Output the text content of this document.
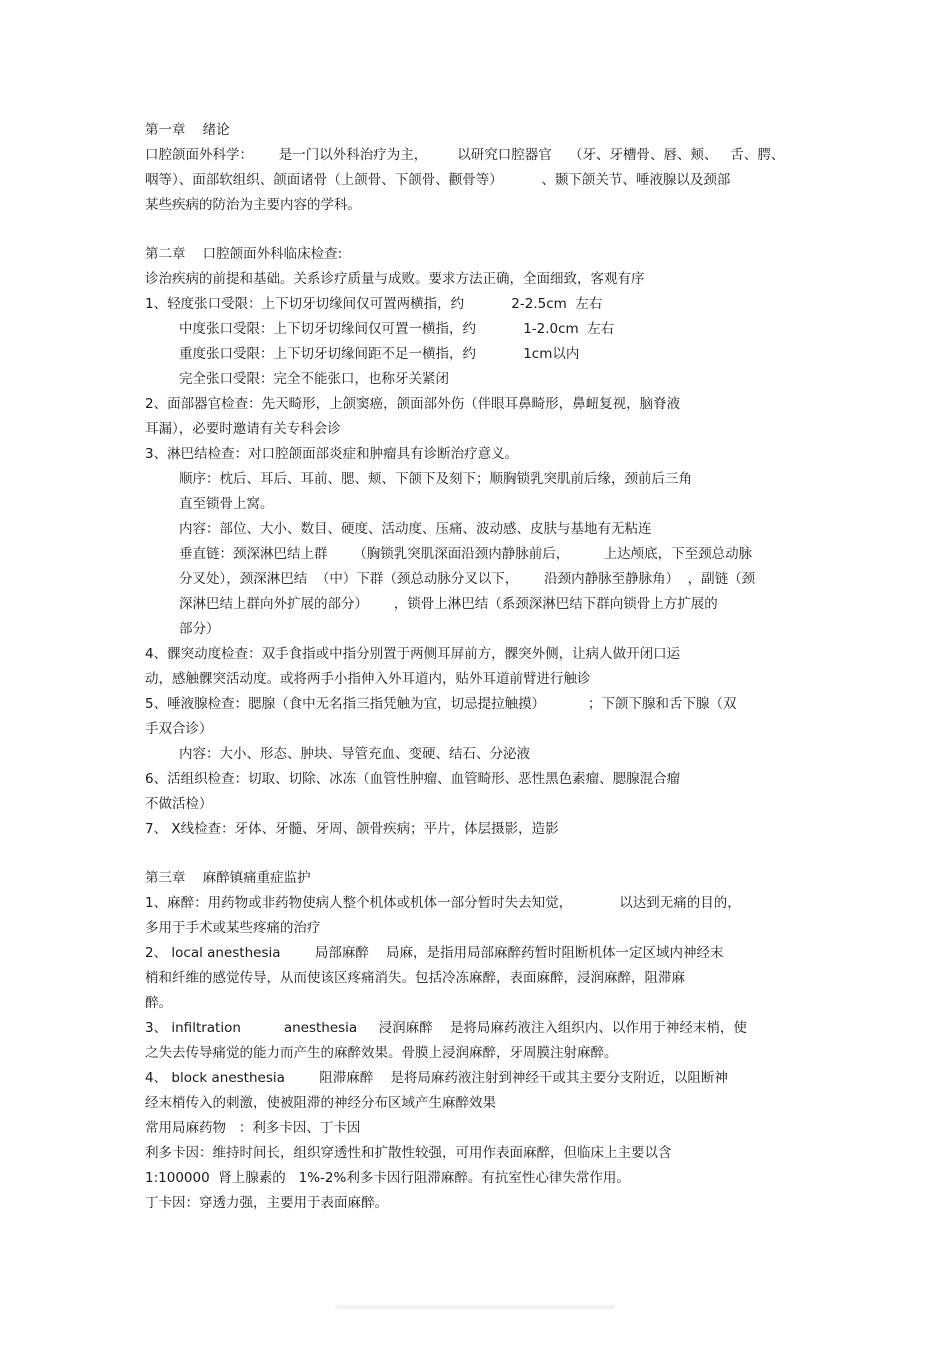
第一章    绪论
口腔颌面外科学：      是一门以外科治疗为主，       以研究口腔器官    （牙、牙槽骨、唇、颊、   舌、腭、
咽等）、面部软组织、颌面诸骨（上颌骨、下颌骨、颧骨等）         、颞下颌关节、唾液腺以及颈部
某些疾病的防治为主要内容的学科。
第二章    口腔颌面外科临床检查:
诊治疾病的前提和基础。关系诊疗质量与成败。要求方法正确，全面细致，客观有序
1、轻度张口受限：上下切牙切缘间仅可置两横指，约           2-2.5cm  左右
中度张口受限：上下切牙切缘间仅可置一横指，约           1-2.0cm  左右
重度张口受限：上下切牙切缘间距不足一横指，约           1cm以内
完全张口受限：完全不能张口，也称牙关紧闭
2、面部器官检查：先天畸形，上颌窦癌，颌面部外伤（伴眼耳鼻畸形，鼻衄复视，脑脊液
耳漏），必要时邀请有关专科会诊
3、淋巴结检查：对口腔颌面部炎症和肿瘤具有诊断治疗意义。
顺序：枕后、耳后、耳前、腮、颊、下颌下及刻下；顺胸锁乳突肌前后缘，颈前后三角
直至锁骨上窝。
内容：部位、大小、数目、硬度、活动度、压痛、波动感、皮肤与基地有无粘连
垂直链：颈深淋巴结上群      （胸锁乳突肌深面沿颈内静脉前后，        上达颅底，下至颈总动脉
分叉处），颈深淋巴结  （中）下群（颈总动脉分叉以下，      沿颈内静脉至静脉角）  ，副链（颈
深淋巴结上群向外扩展的部分）      ，锁骨上淋巴结（系颈深淋巴结下群向锁骨上方扩展的
部分）
4、髁突动度检查：双手食指或中指分别置于两侧耳屏前方，髁突外侧，让病人做开闭口运
动，感触髁突活动度。或将两手小指伸入外耳道内，贴外耳道前臂进行触诊
5、唾液腺检查：腮腺（食中无名指三指凭触为宜，切忌提拉触摸）          ；下颌下腺和舌下腺（双
手双合诊）
内容：大小、形态、肿块、导管充血、变硬、结石、分泌液
6、活组织检查：切取、切除、冰冻（血管性肿瘤、血管畸形、恶性黑色素瘤、腮腺混合瘤
不做活检）
7、 X线检查：牙体、牙髓、牙周、颌骨疾病；平片，体层摄影，造影
第三章    麻醉镇痛重症监护
1、麻醉：用药物或非药物使病人整个机体或机体一部分暂时失去知觉，           以达到无痛的目的，
多用于手术或某些疼痛的治疗
2、 local anesthesia        局部麻醉    局麻，是指用局部麻醉药暂时阻断机体一定区域内神经末
梢和纤维的感觉传导，从而使该区疼痛消失。包括冷冻麻醉，表面麻醉，浸润麻醉，阻滞麻
醉。
3、 infiltration          anesthesia     浸润麻醉    是将局麻药液注入组织内、以作用于神经末梢，使
之失去传导痛觉的能力而产生的麻醉效果。骨膜上浸润麻醉，牙周膜注射麻醉。
4、 block anesthesia        阻滞麻醉    是将局麻药液注射到神经干或其主要分支附近，以阻断神
经末梢传入的刺激，使被阻滞的神经分布区域产生麻醉效果
常用局麻药物   ：利多卡因、丁卡因
利多卡因：维持时间长，组织穿透性和扩散性较强，可用作表面麻醉，但临床上主要以含
1:100000  肾上腺素的   1%-2%利多卡因行阻滞麻醉。有抗室性心律失常作用。
丁卡因：穿透力强，主要用于表面麻醉。
